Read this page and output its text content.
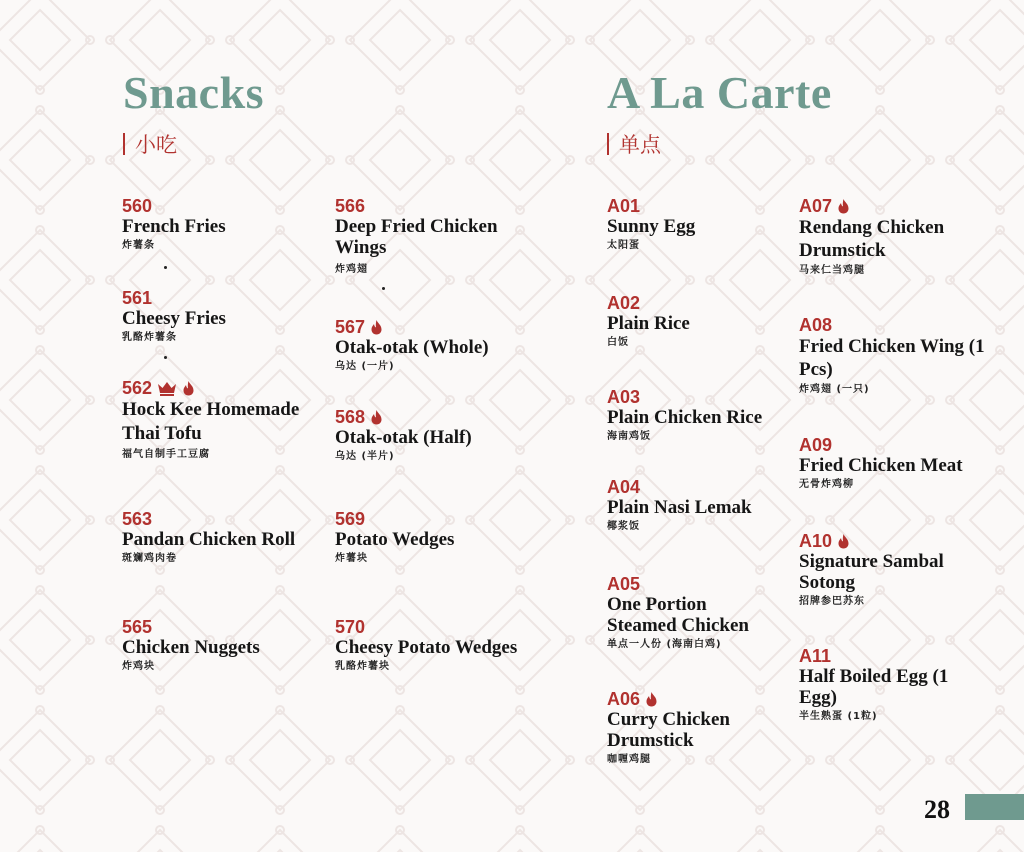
Snacks
小吃
A La Carte
单点
560
French Fries
炸薯条
561
Cheesy Fries
乳酪炸薯条
562
Hock Kee Homemade Thai Tofu
福气自制手工豆腐
563
Pandan Chicken Roll
斑斓鸡肉卷
565
Chicken Nuggets
炸鸡块
566
Deep Fried Chicken Wings
炸鸡翅
567
Otak-otak (Whole)
乌达 (一片)
568
Otak-otak (Half)
乌达 (半片)
569
Potato Wedges
炸薯块
570
Cheesy Potato Wedges
乳酪炸薯块
A01
Sunny Egg
太阳蛋
A02
Plain Rice
白饭
A03
Plain Chicken Rice
海南鸡饭
A04
Plain Nasi Lemak
椰浆饭
A05
One Portion Steamed Chicken
单点一人份 (海南白鸡)
A06
Curry Chicken Drumstick
咖喱鸡腿
A07
Rendang Chicken Drumstick
马来仁当鸡腿
A08
Fried Chicken Wing (1 Pcs)
炸鸡翅 (一只)
A09
Fried Chicken Meat
无骨炸鸡柳
A10
Signature Sambal Sotong
招牌参巴苏东
A11
Half Boiled Egg (1 Egg)
半生熟蛋 (1粒)
28
